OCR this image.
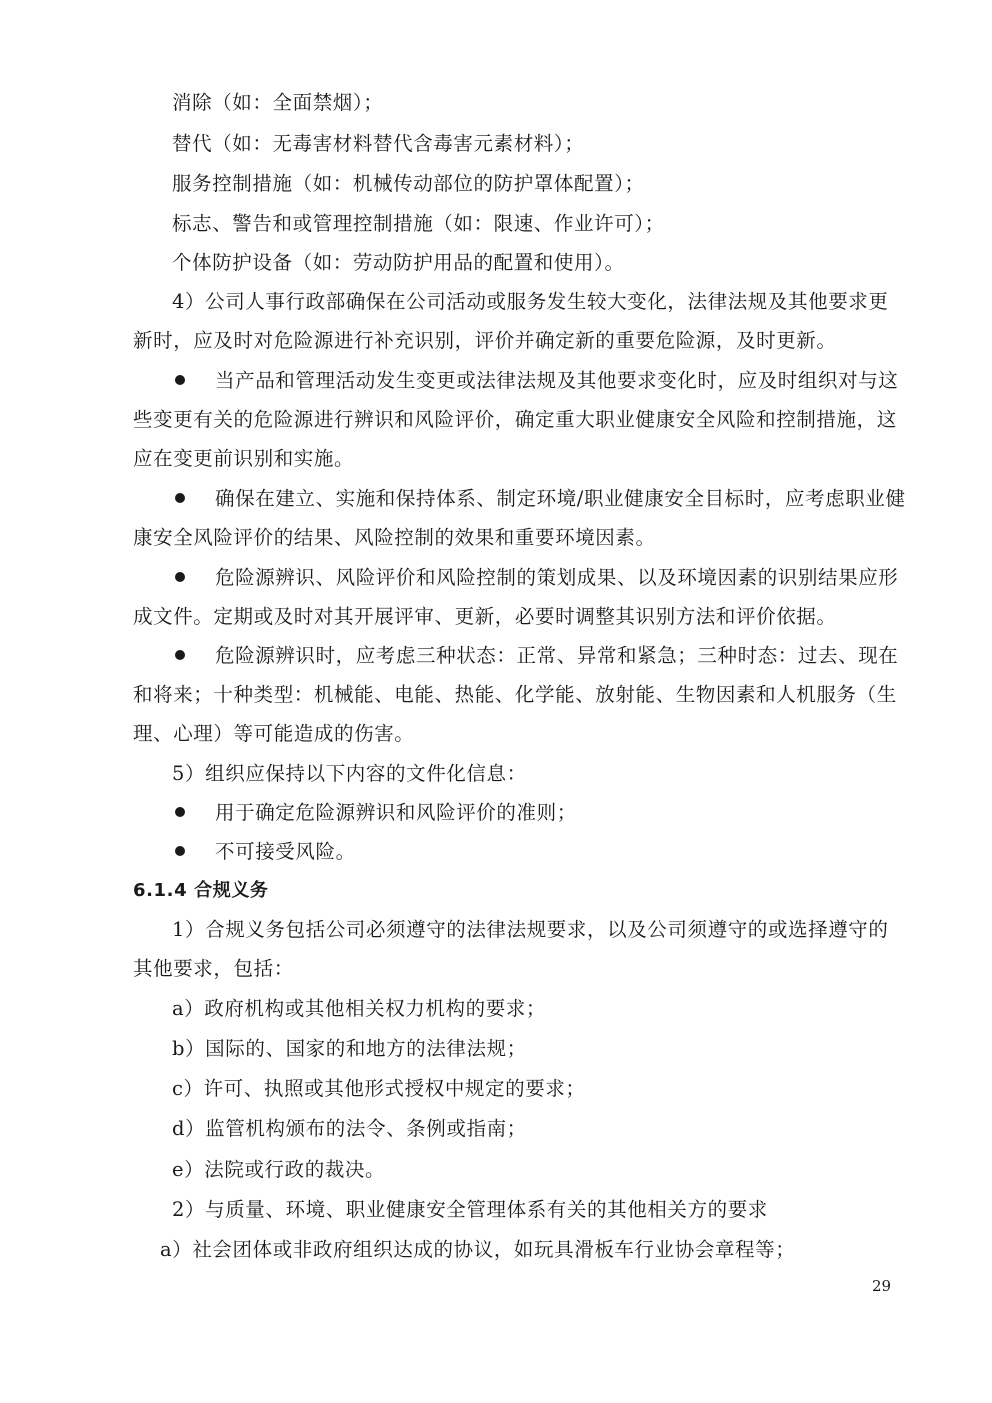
消除（如：全面禁烟）；
替代（如：无毒害材料替代含毒害元素材料）；
服务控制措施（如：机械传动部位的防护罩体配置）；
标志、警告和或管理控制措施（如：限速、作业许可）；
个体防护设备（如：劳动防护用品的配置和使用）。
4）公司人事行政部确保在公司活动或服务发生较大变化，法律法规及其他要求更
新时，应及时对危险源进行补充识别，评价并确定新的重要危险源，及时更新。
当产品和管理活动发生变更或法律法规及其他要求变化时，应及时组织对与这
些变更有关的危险源进行辨识和风险评价，确定重大职业健康安全风险和控制措施，这
应在变更前识别和实施。
确保在建立、实施和保持体系、制定环境/职业健康安全目标时，应考虑职业健
康安全风险评价的结果、风险控制的效果和重要环境因素。
危险源辨识、风险评价和风险控制的策划成果、以及环境因素的识别结果应形
成文件。定期或及时对其开展评审、更新，必要时调整其识别方法和评价依据。
危险源辨识时，应考虑三种状态：正常、异常和紧急；三种时态：过去、现在
和将来；十种类型：机械能、电能、热能、化学能、放射能、生物因素和人机服务（生
理、心理）等可能造成的伤害。
5）组织应保持以下内容的文件化信息：
用于确定危险源辨识和风险评价的准则；
不可接受风险。
6.1.4 合规义务
1）合规义务包括公司必须遵守的法律法规要求，以及公司须遵守的或选择遵守的
其他要求，包括：
a）政府机构或其他相关权力机构的要求；
b）国际的、国家的和地方的法律法规；
c）许可、执照或其他形式授权中规定的要求；
d）监管机构颁布的法令、条例或指南；
e）法院或行政的裁决。
2）与质量、环境、职业健康安全管理体系有关的其他相关方的要求
a）社会团体或非政府组织达成的协议，如玩具滑板车行业协会章程等；
29
